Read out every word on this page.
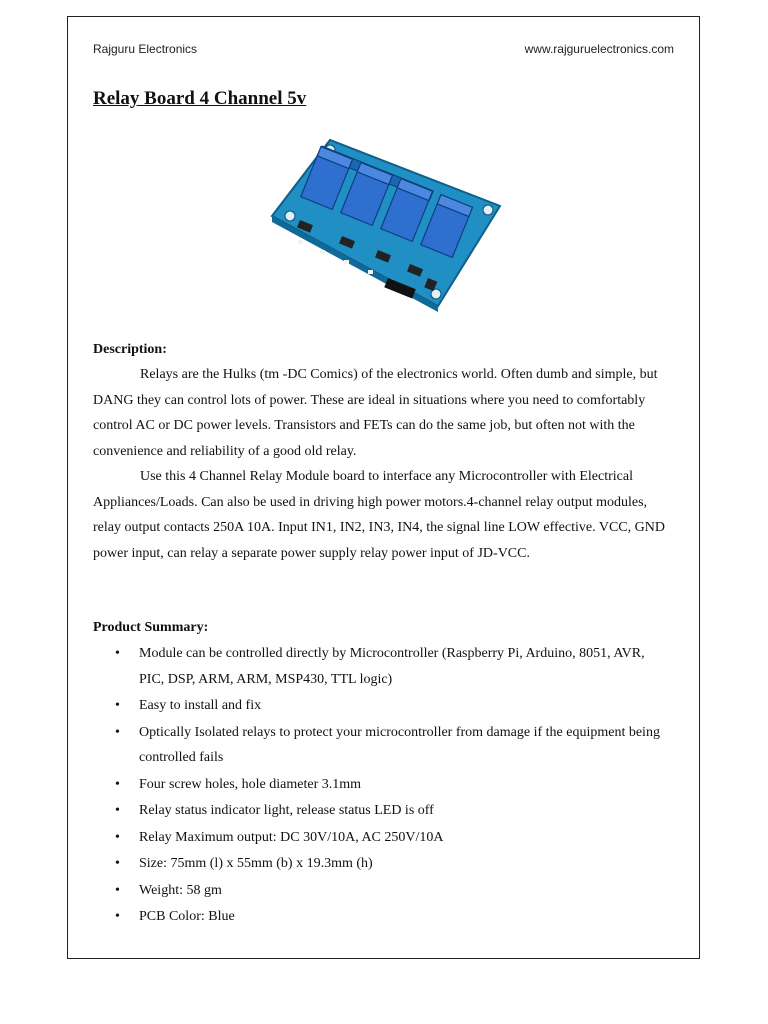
Rajguru Electronics	www.rajguruelectronics.com
Relay Board 4 Channel 5v
Description:

Relays are the Hulks (tm -DC Comics) of the electronics world. Often dumb and simple, but DANG they can control lots of power. These are ideal in situations where you need to comfortably control AC or DC power levels. Transistors and FETs can do the same job, but often not with the convenience and reliability of a good old relay.

Use this 4 Channel Relay Module board to interface any Microcontroller with Electrical Appliances/Loads. Can also be used in driving high power motors.4-channel relay output modules, relay output contacts 250A 10A. Input IN1, IN2, IN3, IN4, the signal line LOW effective. VCC, GND power input, can relay a separate power supply relay power input of JD-VCC.

Product Summary:
• Module can be controlled directly by Microcontroller (Raspberry Pi, Arduino, 8051, AVR, PIC, DSP, ARM, ARM, MSP430, TTL logic)
• Easy to install and fix
• Optically Isolated relays to protect your microcontroller from damage if the equipment being controlled fails
• Four screw holes, hole diameter 3.1mm
• Relay status indicator light, release status LED is off
• Relay Maximum output: DC 30V/10A, AC 250V/10A
• Size: 75mm (l) x 55mm (b) x 19.3mm (h)
• Weight: 58 gm
• PCB Color: Blue
